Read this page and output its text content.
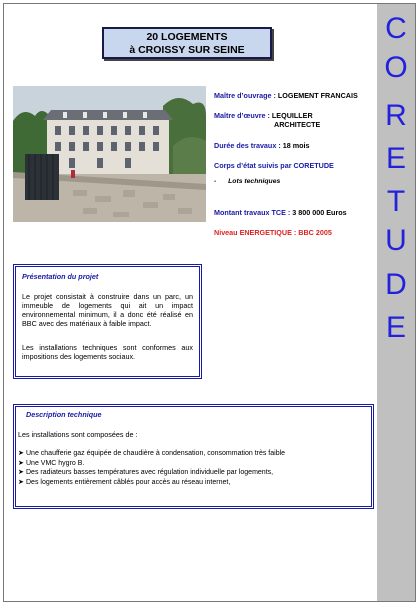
C
O
R
E
T
U
D
E
20 LOGEMENTS
à CROISSY SUR SEINE
Maître d’ouvrage : LOGEMENT FRANCAIS
Maître d’œuvre : LEQUILLER
ARCHITECTE
Durée des travaux : 18 mois
Corps d’état suivis par CORETUDE
- Lots techniques
Montant travaux TCE : 3 800 000 Euros
Niveau ENERGETIQUE : BBC 2005
Présentation du projet
Le projet consistait à construire dans un parc, un immeuble de logements qui ait un impact environnemental minimum, il a donc été réalisé en BBC avec des matériaux à faible impact.
Les installations techniques sont conformes aux impositions des logements sociaux.
Description technique
Les installations sont composées de :
➤ Une chaufferie gaz équipée de chaudière à condensation, consommation très faible
➤ Une VMC hygro B.
➤ Des radiateurs basses températures avec régulation individuelle par logements,
➤ Des logements entièrement câblés pour accès au réseau internet,
